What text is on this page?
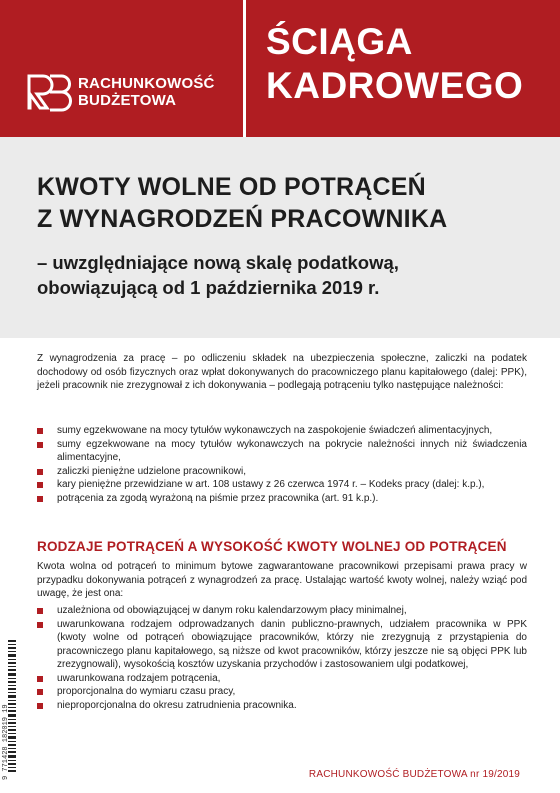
RACHUNKOWOŚĆ
BUDŻETOWA
ŚCIĄGA
KADROWEGO
KWOTY WOLNE OD POTRĄCEŃ
Z WYNAGRODZEŃ PRACOWNIKA
– uwzględniające nową skalę podatkową,
obowiązującą od 1 października 2019 r.
Z wynagrodzenia za pracę – po odliczeniu składek na ubezpieczenia społeczne, zaliczki na podatek dochodowy od osób fizycznych oraz wpłat dokonywanych do pracowniczego planu kapitałowego (dalej: PPK), jeżeli pracownik nie zrezygnował z ich dokonywania – podlegają potrąceniu tylko następujące należności:
sumy egzekwowane na mocy tytułów wykonawczych na zaspokojenie świadczeń alimentacyjnych,
sumy egzekwowane na mocy tytułów wykonawczych na pokrycie należności innych niż świadczenia alimentacyjne,
zaliczki pieniężne udzielone pracownikowi,
kary pieniężne przewidziane w art. 108 ustawy z 26 czerwca 1974 r. – Kodeks pracy (dalej: k.p.),
potrącenia za zgodą wyrażoną na piśmie przez pracownika (art. 91 k.p.).
RODZAJE POTRĄCEŃ A WYSOKOŚĆ KWOTY WOLNEJ OD POTRĄCEŃ
Kwota wolna od potrąceń to minimum bytowe zagwarantowane pracownikowi przepisami prawa pracy w przypadku dokonywania potrąceń z wynagrodzeń za pracę. Ustalając wartość kwoty wolnej, należy wziąć pod uwagę, że jest ona:
uzależniona od obowiązującej w danym roku kalendarzowym płacy minimalnej,
uwarunkowana rodzajem odprowadzanych danin publiczno-prawnych, udziałem pracownika w PPK (kwoty wolne od potrąceń obowiązujące pracowników, którzy nie zrezygnują z przystąpienia do pracowniczego planu kapitałowego, są niższe od kwot pracowników, którzy jeszcze nie są objęci PPK lub zrezygnowali), wysokością kosztów uzyskania przychodów i zastosowaniem ulgi podatkowej,
uwarunkowana rodzajem potrącenia,
proporcjonalna do wymiaru czasu pracy,
nieproporcjonalna do okresu zatrudnienia pracownika.
9 771428 182019 19	RACHUNKOWOŚĆ BUDŻETOWA nr 19/2019
